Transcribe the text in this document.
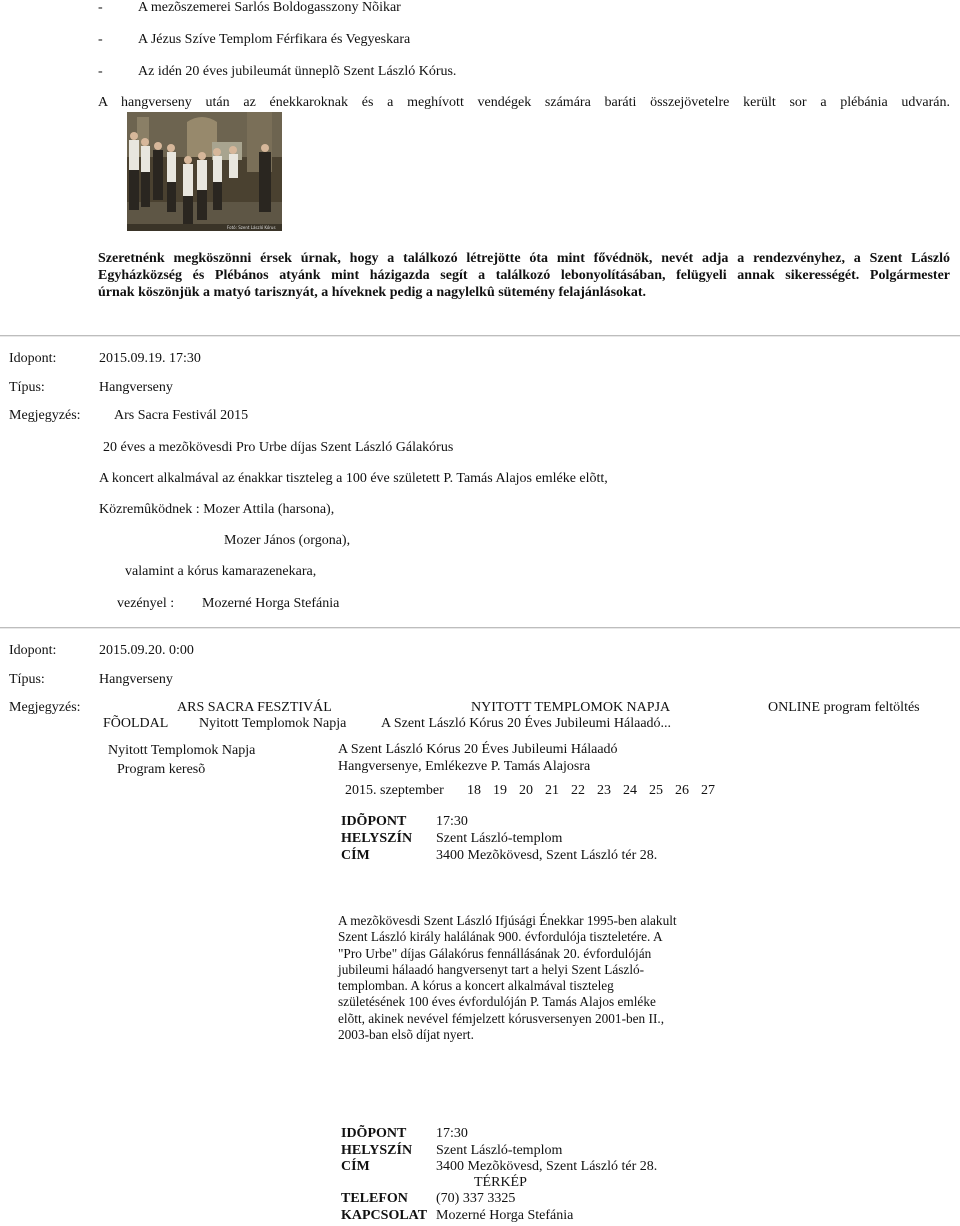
-	A mezõszemerei Sarlós Boldogasszony Nõikar
-	A Jézus Szíve Templom Férfikara és Vegyeskara
-	Az idén 20 éves jubileumát ünneplõ Szent László Kórus.
A hangverseny után az énekkaroknak és a meghívott vendégek számára baráti összejövetelre került sor a plébánia udvarán.
Fotó: Szent László Kórus
Szeretnénk megköszönni érsek úrnak, hogy a találkozó létrejötte óta mint fővédnök, nevét adja a rendezvényhez, a Szent László
Egyházközség és Plébános atyánk mint házigazda segít a találkozó lebonyolításában, felügyeli annak sikerességét. Polgármester
úrnak köszönjük a matyó tarisznyát, a híveknek pedig a nagylelkû sütemény felajánlásokat.
Idopont:	2015.09.19. 17:30
Típus:	Hangverseny
Megjegyzés: Ars Sacra Festivál 2015
20 éves a mezõkövesdi Pro Urbe díjas Szent László Gálakórus
A koncert alkalmával az énakkar tiszteleg a 100 éve született P. Tamás Alajos emléke elõtt,
Közremûködnek : Mozer Attila (harsona),
Mozer János (orgona),
valamint a kórus kamarazenekara,
vezényel : Mozerné Horga Stefánia
Idopont:	2015.09.20. 0:00
Típus:	Hangverseny
Megjegyzés:	ARS SACRA FESZTIVÁL	NYITOTT TEMPLOMOK NAPJA	ONLINE program feltöltés
FÕOLDAL Nyitott Templomok Napja A Szent László Kórus 20 Éves Jubileumi Hálaadó...
Nyitott Templomok Napja
Program keresõ
A Szent László Kórus 20 Éves Jubileumi Hálaadó
Hangversenye, Emlékezve P. Tamás Alajosra
2015. szeptember 18 19 20 21 22 23 24 25 26 27
IDÕPONT 17:30
HELYSZÍN Szent László-templom
CÍM	3400 Mezõkövesd, Szent László tér 28.
A mezõkövesdi Szent László Ifjúsági Énekkar 1995-ben alakult
Szent László király halálának 900. évfordulója tiszteletére. A
"Pro Urbe" díjas Gálakórus fennállásának 20. évfordulóján
jubileumi hálaadó hangversenyt tart a helyi Szent László-
templomban. A kórus a koncert alkalmával tiszteleg
születésének 100 éves évfordulóján P. Tamás Alajos emléke
elõtt, akinek nevével fémjelzett kórusversenyen 2001-ben II.,
2003-ban elsõ díjat nyert.
IDÕPONT 17:30
HELYSZÍN Szent László-templom
CÍM	3400 Mezõkövesd, Szent László tér 28.
TÉRKÉP
TELEFON (70) 337 3325
KAPCSOLAT Mozerné Horga Stefánia
